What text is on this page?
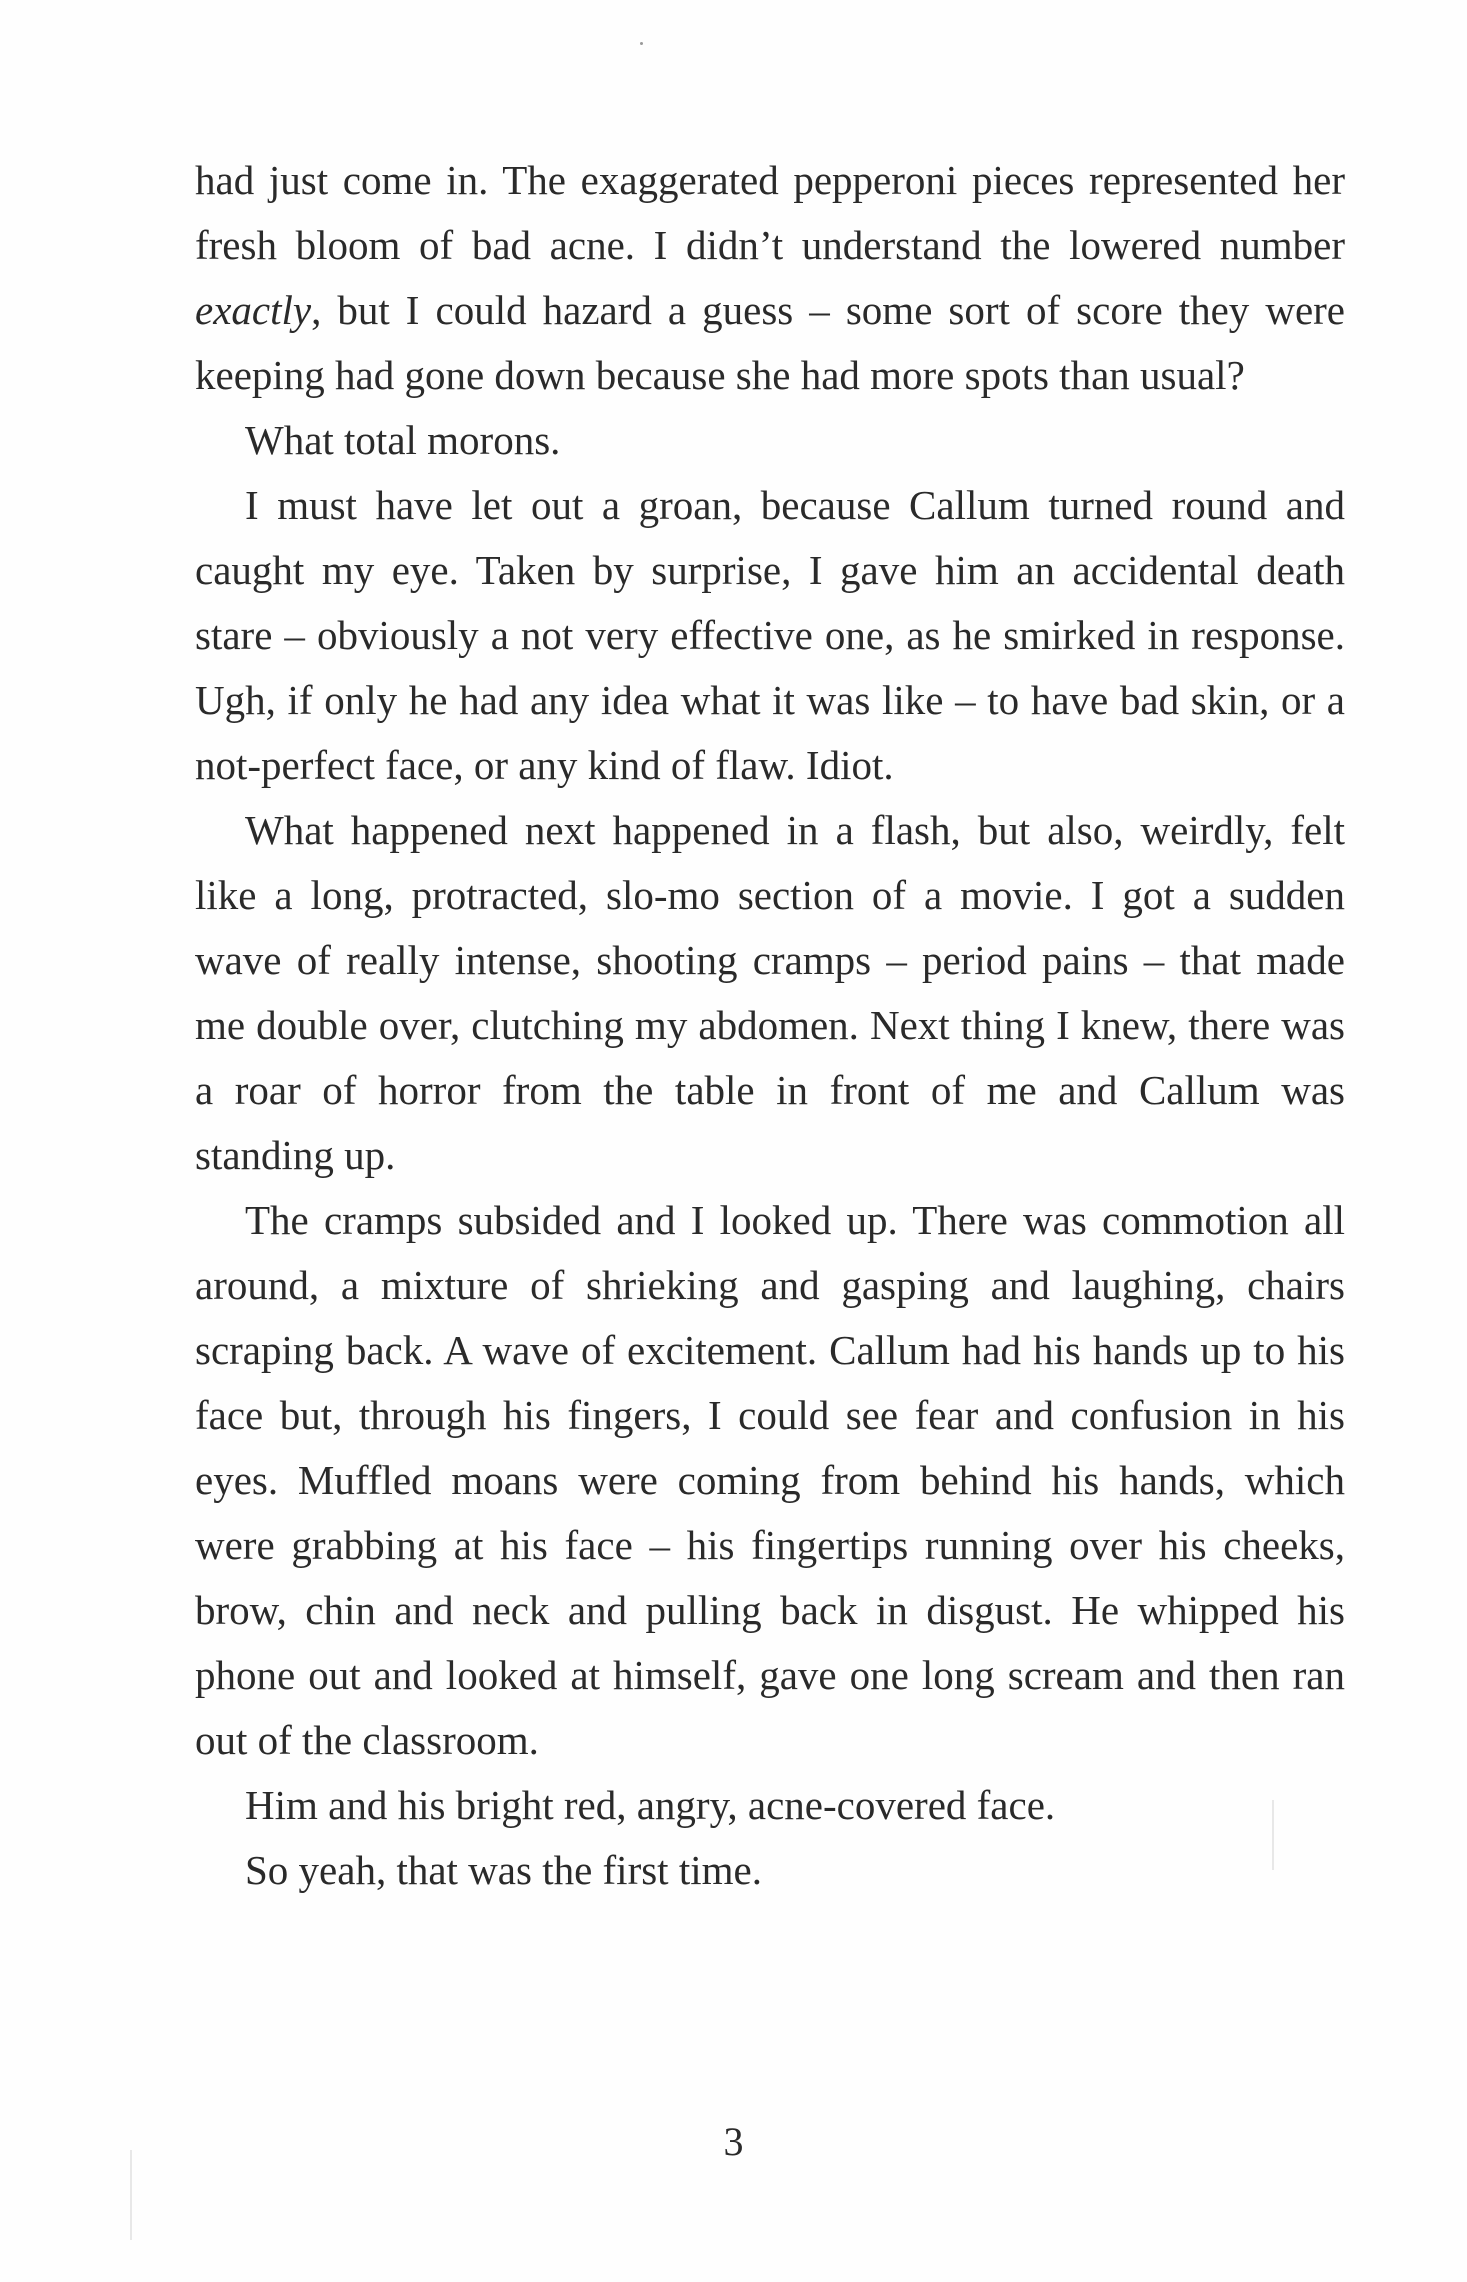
had just come in. The exaggerated pepperoni pieces represented her fresh bloom of bad acne. I didn’t understand the lowered number exactly, but I could hazard a guess – some sort of score they were keeping had gone down because she had more spots than usual?

What total morons.

I must have let out a groan, because Callum turned round and caught my eye. Taken by surprise, I gave him an accidental death stare – obviously a not very effective one, as he smirked in response. Ugh, if only he had any idea what it was like – to have bad skin, or a not-perfect face, or any kind of flaw. Idiot.

What happened next happened in a flash, but also, weirdly, felt like a long, protracted, slo-mo section of a movie. I got a sudden wave of really intense, shooting cramps – period pains – that made me double over, clutching my abdomen. Next thing I knew, there was a roar of horror from the table in front of me and Callum was standing up.

The cramps subsided and I looked up. There was commotion all around, a mixture of shrieking and gasping and laughing, chairs scraping back. A wave of excitement. Callum had his hands up to his face but, through his fingers, I could see fear and confusion in his eyes. Muffled moans were coming from behind his hands, which were grabbing at his face – his fingertips running over his cheeks, brow, chin and neck and pulling back in disgust. He whipped his phone out and looked at himself, gave one long scream and then ran out of the classroom.

Him and his bright red, angry, acne-covered face.

So yeah, that was the first time.

3
